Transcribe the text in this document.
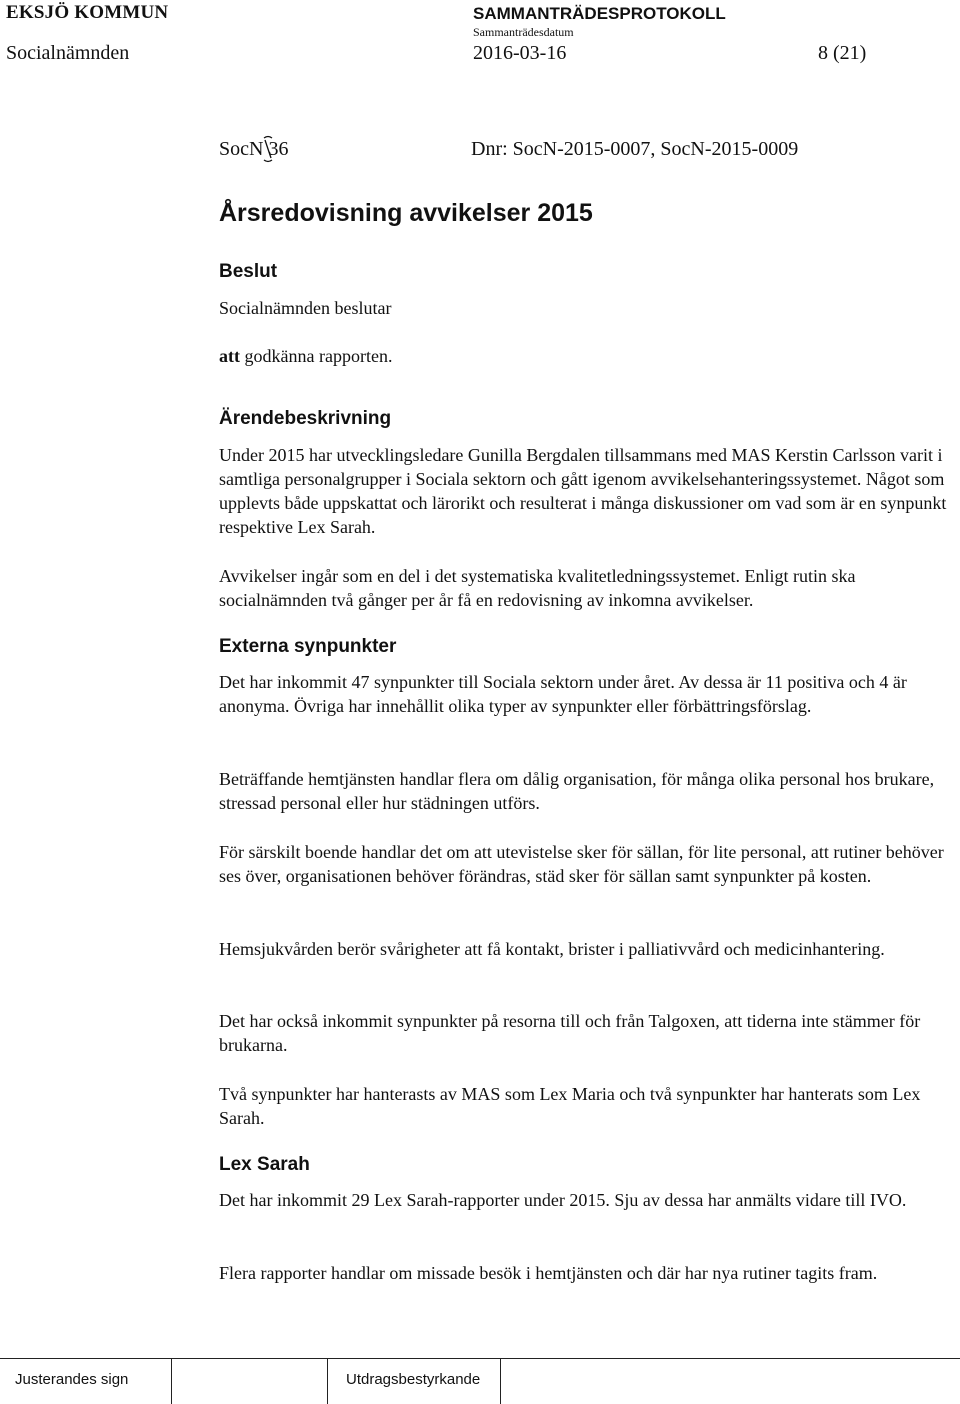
EKSJÖ KOMMUN	SAMMANTRÄDESPROTOKOLL
Sammanträdesdatum
Socialnämnden	2016-03-16	8 (21)
SocN 36	Dnr: SocN-2015-0007, SocN-2015-0009
Årsredovisning avvikelser 2015
Beslut
Socialnämnden beslutar
att godkänna rapporten.
Ärendebeskrivning
Under 2015 har utvecklingsledare Gunilla Bergdalen tillsammans med MAS Kerstin Carlsson varit i samtliga personalgrupper i Sociala sektorn och gått igenom avvikelsehanteringssystemet. Något som upplevts både uppskattat och lärorikt och resulterat i många diskussioner om vad som är en synpunkt respektive Lex Sarah.
Avvikelser ingår som en del i det systematiska kvalitetledningssystemet. Enligt rutin ska socialnämnden två gånger per år få en redovisning av inkomna avvikelser.
Externa synpunkter
Det har inkommit 47 synpunkter till Sociala sektorn under året. Av dessa är 11 positiva och 4 är anonyma. Övriga har innehållit olika typer av synpunkter eller förbättringsförslag.
Beträffande hemtjänsten handlar flera om dålig organisation, för många olika personal hos brukare, stressad personal eller hur städningen utförs.
För särskilt boende handlar det om att utevistelse sker för sällan, för lite personal, att rutiner behöver ses över, organisationen behöver förändras, städ sker för sällan samt synpunkter på kosten.
Hemsjukvården berör svårigheter att få kontakt, brister i palliativvård och medicinhantering.
Det har också inkommit synpunkter på resorna till och från Talgoxen, att tiderna inte stämmer för brukarna.
Två synpunkter har hanterasts av MAS som Lex Maria och två synpunkter har hanterats som Lex Sarah.
Lex Sarah
Det har inkommit 29 Lex Sarah-rapporter under 2015. Sju av dessa har anmälts vidare till IVO.
Flera rapporter handlar om missade besök i hemtjänsten och där har nya rutiner tagits fram.
Justerandes sign	Utdragsbestyrkande
